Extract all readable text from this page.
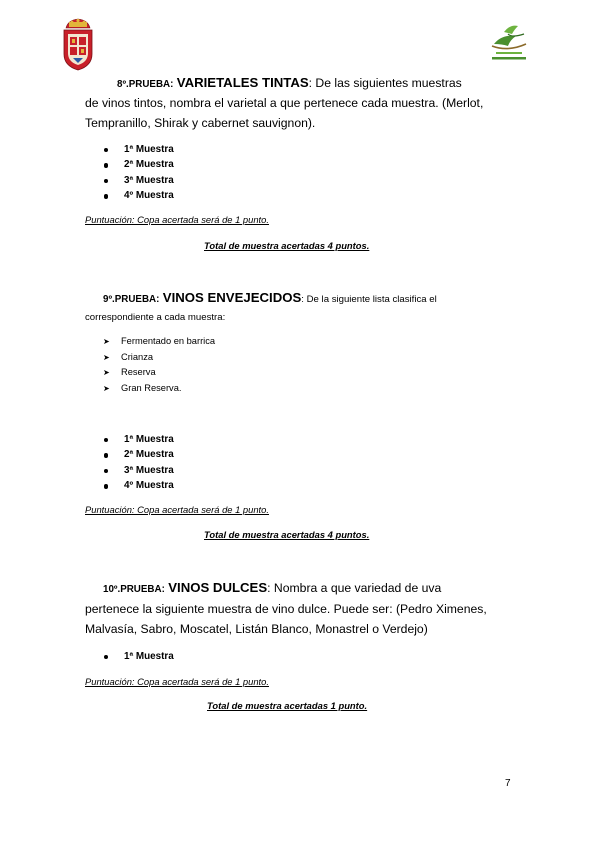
8º.PRUEBA: VARIETALES TINTAS: De las siguientes muestras
de vinos tintos, nombra el varietal a que pertenece cada muestra. (Merlot,
Tempranillo, Shirak y cabernet sauvignon).
1ª Muestra
2ª Muestra
3ª Muestra
4º Muestra
Puntuación: Copa acertada será de 1 punto.
Total de muestra acertadas 4 puntos.
9º.PRUEBA: VINOS ENVEJECIDOS: De la siguiente lista clasifica el
correspondiente a cada muestra:
➤ Fermentado en barrica
➤ Crianza
➤ Reserva
➤ Gran Reserva.
1ª Muestra
2ª Muestra
3ª Muestra
4º Muestra
Puntuación: Copa acertada será de 1 punto.
Total de muestra acertadas 4 puntos.
10º.PRUEBA: VINOS DULCES: Nombra a que variedad de uva
pertenece la siguiente muestra de vino dulce. Puede ser: (Pedro Ximenes,
Malvasía, Sabro, Moscatel, Listán Blanco, Monastrel o Verdejo)
1ª Muestra
Puntuación: Copa acertada será de 1 punto.
Total de muestra acertadas 1 punto.
7
